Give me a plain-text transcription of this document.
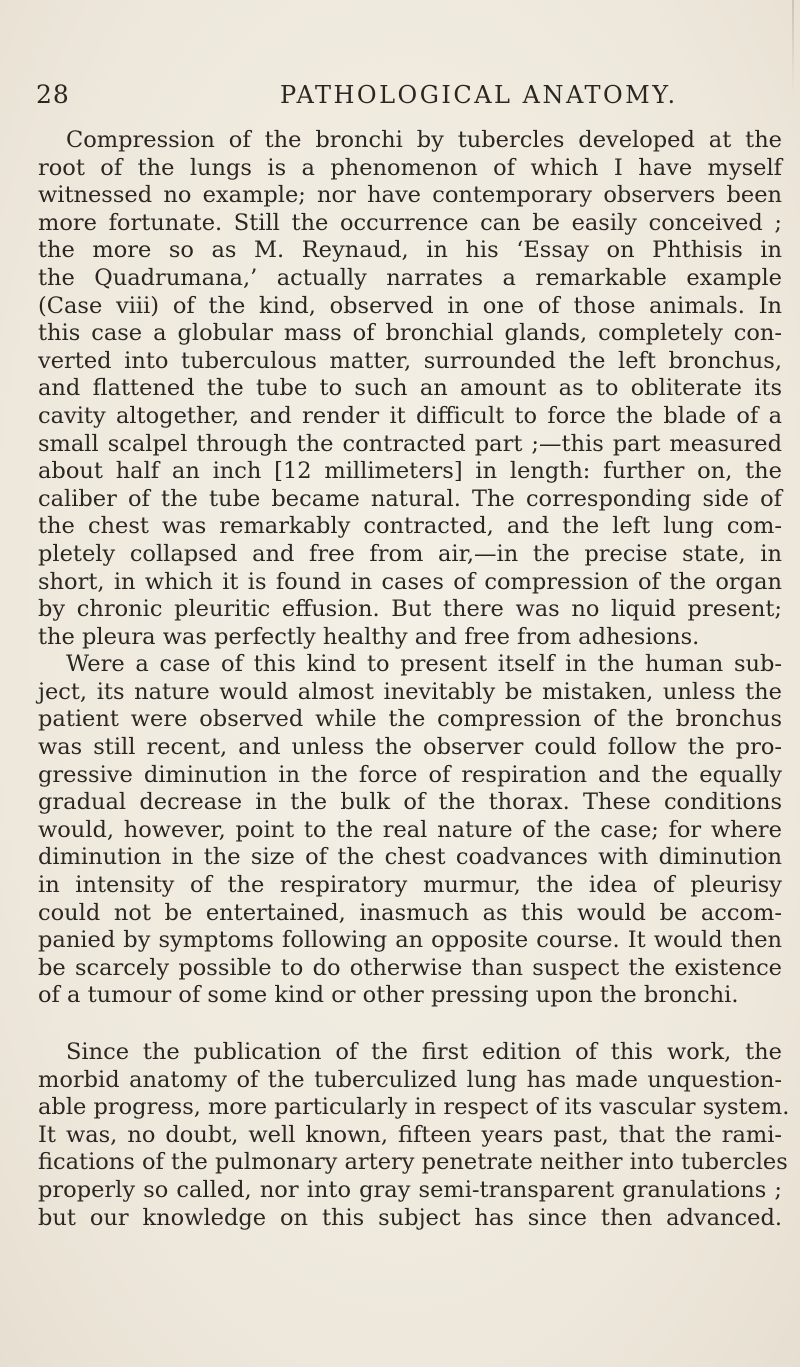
28	PATHOLOGICAL ANATOMY.
Compression of the bronchi by tubercles developed at the
root of the lungs is a phenomenon of which I have myself
witnessed no example; nor have contemporary observers been
more fortunate. Still the occurrence can be easily conceived ;
the more so as M. Reynaud, in his ‘Essay on Phthisis in
the Quadrumana,’ actually narrates a remarkable example
(Case viii) of the kind, observed in one of those animals. In
this case a globular mass of bronchial glands, completely con-
verted into tuberculous matter, surrounded the left bronchus,
and flattened the tube to such an amount as to obliterate its
cavity altogether, and render it difficult to force the blade of a
small scalpel through the contracted part ;—this part measured
about half an inch [12 millimeters] in length: further on, the
caliber of the tube became natural. The corresponding side of
the chest was remarkably contracted, and the left lung com-
pletely collapsed and free from air,—in the precise state, in
short, in which it is found in cases of compression of the organ
by chronic pleuritic effusion. But there was no liquid present;
the pleura was perfectly healthy and free from adhesions.
Were a case of this kind to present itself in the human sub-
ject, its nature would almost inevitably be mistaken, unless the
patient were observed while the compression of the bronchus
was still recent, and unless the observer could follow the pro-
gressive diminution in the force of respiration and the equally
gradual decrease in the bulk of the thorax. These conditions
would, however, point to the real nature of the case; for where
diminution in the size of the chest coadvances with diminution
in intensity of the respiratory murmur, the idea of pleurisy
could not be entertained, inasmuch as this would be accom-
panied by symptoms following an opposite course. It would then
be scarcely possible to do otherwise than suspect the existence
of a tumour of some kind or other pressing upon the bronchi.
Since the publication of the first edition of this work, the
morbid anatomy of the tuberculized lung has made unquestion-
able progress, more particularly in respect of its vascular system.
It was, no doubt, well known, fifteen years past, that the rami-
fications of the pulmonary artery penetrate neither into tubercles
properly so called, nor into gray semi-transparent granulations ;
but our knowledge on this subject has since then advanced.
